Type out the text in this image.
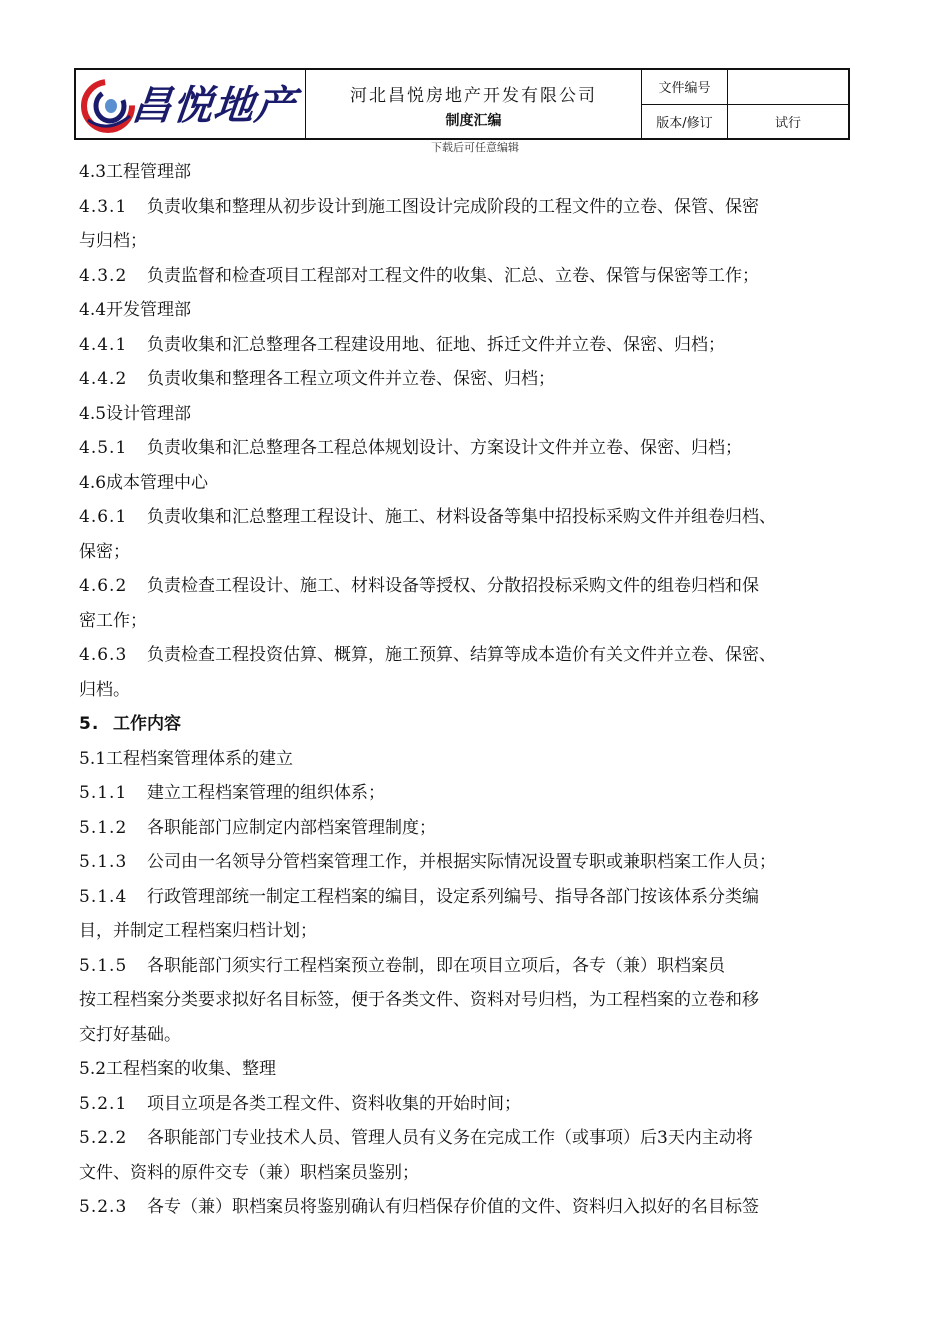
昌悦地产	河北昌悦房地产开发有限公司
制度汇编
文件编号
版本/修订	试行
下载后可任意编辑
4.3工程管理部
4.3.1 负责收集和整理从初步设计到施工图设计完成阶段的工程文件的立卷、保管、保密
与归档；
4.3.2 负责监督和检查项目工程部对工程文件的收集、汇总、立卷、保管与保密等工作；
4.4开发管理部
4.4.1 负责收集和汇总整理各工程建设用地、征地、拆迁文件并立卷、保密、归档；
4.4.2 负责收集和整理各工程立项文件并立卷、保密、归档；
4.5设计管理部
4.5.1 负责收集和汇总整理各工程总体规划设计、方案设计文件并立卷、保密、归档；
4.6成本管理中心
4.6.1 负责收集和汇总整理工程设计、施工、材料设备等集中招投标采购文件并组卷归档、
保密；
4.6.2 负责检查工程设计、施工、材料设备等授权、分散招投标采购文件的组卷归档和保
密工作；
4.6.3 负责检查工程投资估算、概算，施工预算、结算等成本造价有关文件并立卷、保密、
归档。
5. 工作内容
5.1工程档案管理体系的建立
5.1.1 建立工程档案管理的组织体系；
5.1.2 各职能部门应制定内部档案管理制度；
5.1.3 公司由一名领导分管档案管理工作，并根据实际情况设置专职或兼职档案工作人员；
5.1.4 行政管理部统一制定工程档案的编目，设定系列编号、指导各部门按该体系分类编
目，并制定工程档案归档计划；
5.1.5 各职能部门须实行工程档案预立卷制，即在项目立项后，各专（兼）职档案员
按工程档案分类要求拟好名目标签，便于各类文件、资料对号归档，为工程档案的立卷和移
交打好基础。
5.2工程档案的收集、整理
5.2.1 项目立项是各类工程文件、资料收集的开始时间；
5.2.2 各职能部门专业技术人员、管理人员有义务在完成工作（或事项）后3天内主动将
文件、资料的原件交专（兼）职档案员鉴别；
5.2.3 各专（兼）职档案员将鉴别确认有归档保存价值的文件、资料归入拟好的名目标签
